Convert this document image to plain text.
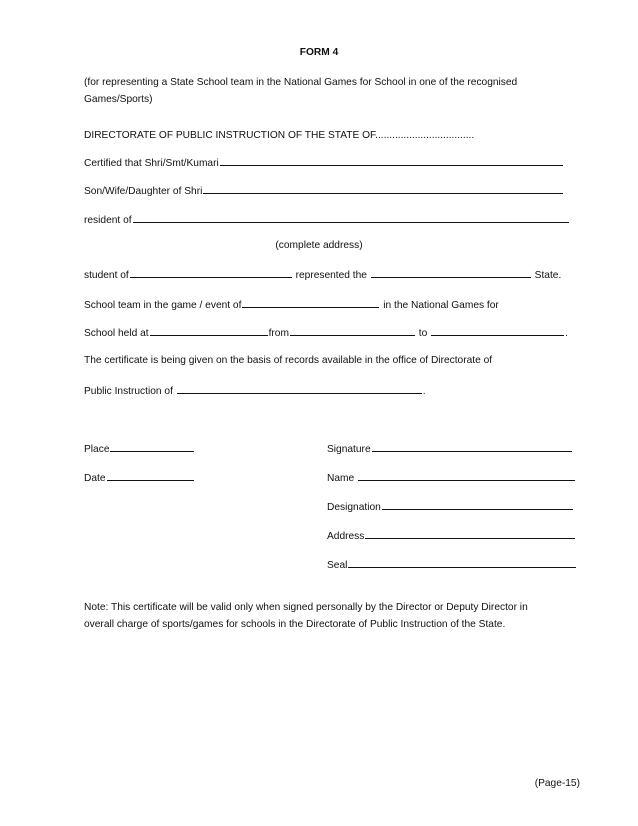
FORM 4
(for representing a State School team in the National Games for School in one of the recognised
Games/Sports)
DIRECTORATE OF PUBLIC INSTRUCTION OF THE STATE OF...................................
Certified that Shri/Smt/Kumari
Son/Wife/Daughter of Shri
resident of
(complete address)
student of	represented the	State.
School team in the game / event of	in the National Games for
School held at	from	to	.
The certificate is being given on the basis of records available in the office of Directorate of
Public Instruction of	.
Place
Date
Signature
Name
Designation
Address
Seal
Note: This certificate will be valid only when signed personally by the Director or Deputy Director in
overall charge of sports/games for schools in the Directorate of Public Instruction of the State.
(Page-15)
